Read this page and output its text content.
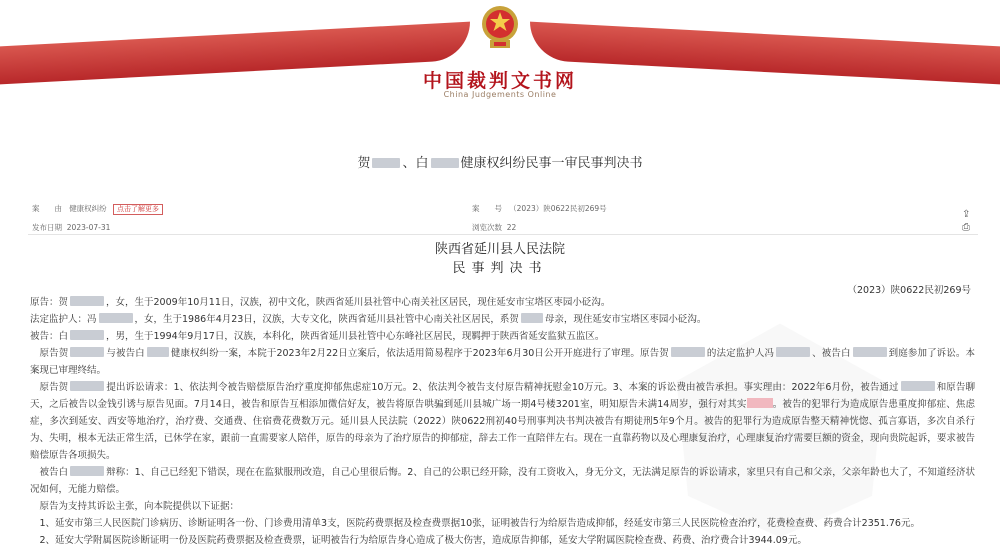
中国裁判文书网
China Judgements Online
贺 、白 健康权纠纷民事一审民事判决书
案　　由 健康权纠纷 点击了解更多	案　　号 （2023）陕0622民初269号
发布日期 2023-07-31	浏览次数 22
⇪
⎙
陕西省延川县人民法院
民事判决书
（2023）陕0622民初269号

原告：贺	，女，生于2009年10月11日，汉族，初中文化，陕西省延川县社管中心南关社区居民，现住延安市宝塔区枣园小砭沟。

法定监护人：冯	，女，生于1986年4月23日，汉族，大专文化，陕西省延川县社管中心南关社区居民，系贺	母亲，现住延安市宝塔区枣园小砭沟。

被告：白	，男，生于1994年9月17日，汉族，本科化，陕西省延川县社管中心东峰社区居民，现羁押于陕西省延安监狱五监区。

原告贺	与被告白	健康权纠纷一案，本院于2023年2月22日立案后，依法适用简易程序于2023年6月30日公开开庭进行了审理。原告贺	的法定监护人冯	、被告白	到庭参加了诉讼。本案现已审理终结。

原告贺	提出诉讼请求：1、依法判令被告赔偿原告治疗重度抑郁焦虑症10万元。2、依法判令被告支付原告精神抚慰金10万元。3、本案的诉讼费由被告承担。事实理由：2022年6月份，被告通过	和原告聊天，之后被告以金钱引诱与原告见面。7月14日，被告和原告互相添加微信好友，被告将原告哄骗到延川县城广场一期4号楼3201室，明知原告未满14周岁，强行对其实	。被告的犯罪行为造成原告患重度抑郁症、焦虑症，多次到延安、西安等地治疗，治疗费、交通费、住宿费花费数万元。延川县人民法院（2022）陕0622刑初40号刑事判决书判决被告有期徒刑5年9个月。被告的犯罪行为造成原告整天精神恍惚、孤言寡语，多次自杀行为、失明，根本无法正常生活，已休学在家，跟前一直需要家人陪伴，原告的母亲为了治疗原告的抑郁症，辞去工作一直陪伴左右。现在一直靠药物以及心理康复治疗，心理康复治疗需要巨额的资金，现向贵院起诉，要求被告赔偿原告各项损失。

被告白	辩称：1、自己已经犯下错误，现在在监狱服刑改造，自己心里很后悔。2、自己的公职已经开除，没有工资收入，身无分文，无法满足原告的诉讼请求，家里只有自己和父亲，父亲年龄也大了，不知道经济状况如何，无能力赔偿。

原告为支持其诉讼主张，向本院提供以下证据：

1、延安市第三人民医院门诊病历、诊断证明各一份、门诊费用清单3支，医院药费票据及检查费票据10张，证明被告行为给原告造成抑郁，经延安市第三人民医院检查治疗，花费检查费、药费合计2351.76元。

2、延安大学附属医院诊断证明一份及医院药费票据及检查费票，证明被告行为给原告身心造成了极大伤害，造成原告抑郁，延安大学附属医院检查费、药费、治疗费合计3944.09元。
